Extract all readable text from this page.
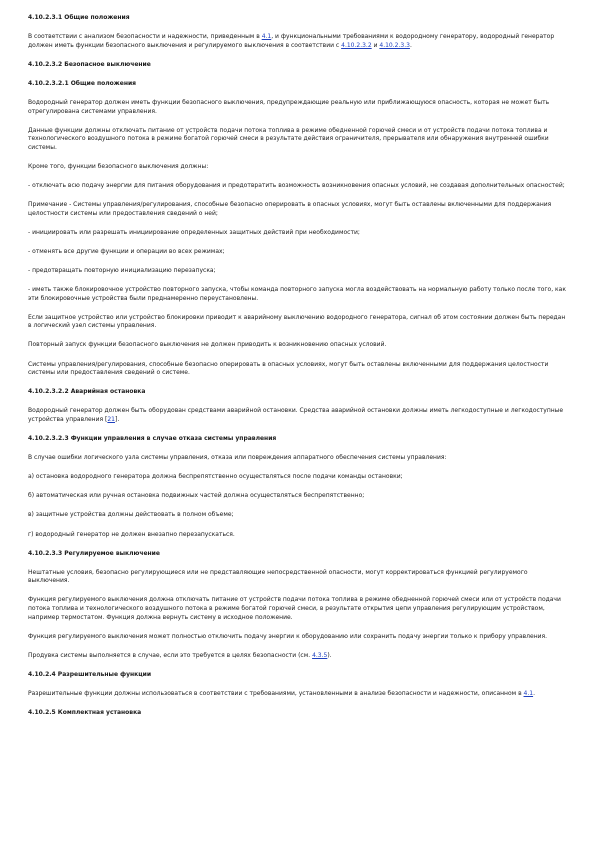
4.10.2.3.1 Общие положения

В соответствии с анализом безопасности и надежности, приведенным в 4.1, и функциональными требованиями к водородному генератору, водородный генератор должен иметь функции безопасного выключения и регулируемого выключения в соответствии с 4.10.2.3.2 и 4.10.2.3.3.

4.10.2.3.2 Безопасное выключение
4.10.2.3.2.1 Общие положения

Водородный генератор должен иметь функции безопасного выключения, предупреждающие реальную или приближающуюся опасность, которая не может быть отрегулирована системами управления.

Данные функции должны отключать питание от устройств подачи потока топлива в режиме обедненной горючей смеси и от устройств подачи потока топлива и технологического воздушного потока в режиме богатой горючей смеси в результате действия ограничителя, прерывателя или обнаружения внутренней ошибки системы.

Кроме того, функции безопасного выключения должны:

- отключать всю подачу энергии для питания оборудования и предотвратить возможность возникновения опасных условий, не создавая дополнительных опасностей;

Примечание - Системы управления/регулирования, способные безопасно оперировать в опасных условиях, могут быть оставлены включенными для поддержания целостности системы или предоставления сведений о ней;

- инициировать или разрешать инициирование определенных защитных действий при необходимости;

- отменять все другие функции и операции во всех режимах;

- предотвращать повторную инициализацию перезапуска;

- иметь также блокировочное устройство повторного запуска, чтобы команда повторного запуска могла воздействовать на нормальную работу только после того, как эти блокировочные устройства были преднамеренно переустановлены.

Если защитное устройство или устройство блокировки приводит к аварийному выключению водородного генератора, сигнал об этом состоянии должен быть передан в логический узел системы управления.

Повторный запуск функции безопасного выключения не должен приводить к возникновению опасных условий.

Системы управления/регулирования, способные безопасно оперировать в опасных условиях, могут быть оставлены включенными для поддержания целостности системы или предоставления сведений о системе.

4.10.2.3.2.2 Аварийная остановка

Водородный генератор должен быть оборудован средствами аварийной остановки. Средства аварийной остановки должны иметь легкодоступные и легкодоступные устройства управления [21].

4.10.2.3.2.3 Функции управления в случае отказа системы управления

В случае ошибки логического узла системы управления, отказа или повреждения аппаратного обеспечения системы управления:

а) остановка водородного генератора должна беспрепятственно осуществляться после подачи команды остановки;

б) автоматическая или ручная остановка подвижных частей должна осуществляться беспрепятственно;

в) защитные устройства должны действовать в полном объеме;

г) водородный генератор не должен внезапно перезапускаться.

4.10.2.3.3 Регулируемое выключение

Нештатные условия, безопасно регулирующиеся или не представляющие непосредственной опасности, могут корректироваться функцией регулируемого выключения.

Функция регулируемого выключения должна отключать питание от устройств подачи потока топлива в режиме обедненной горючей смеси или от устройств подачи потока топлива и технологического воздушного потока в режиме богатой горючей смеси, в результате открытия цепи управления регулирующим устройством, например термостатом. Функция должна вернуть систему в исходное положение.

Функция регулируемого выключения может полностью отключить подачу энергии к оборудованию или сохранить подачу энергии только к прибору управления.

Продувка системы выполняется в случае, если это требуется в целях безопасности (см. 4.3.5).

4.10.2.4 Разрешительные функции

Разрешительные функции должны использоваться в соответствии с требованиями, установленными в анализе безопасности и надежности, описанном в 4.1.

4.10.2.5 Комплектная установка
